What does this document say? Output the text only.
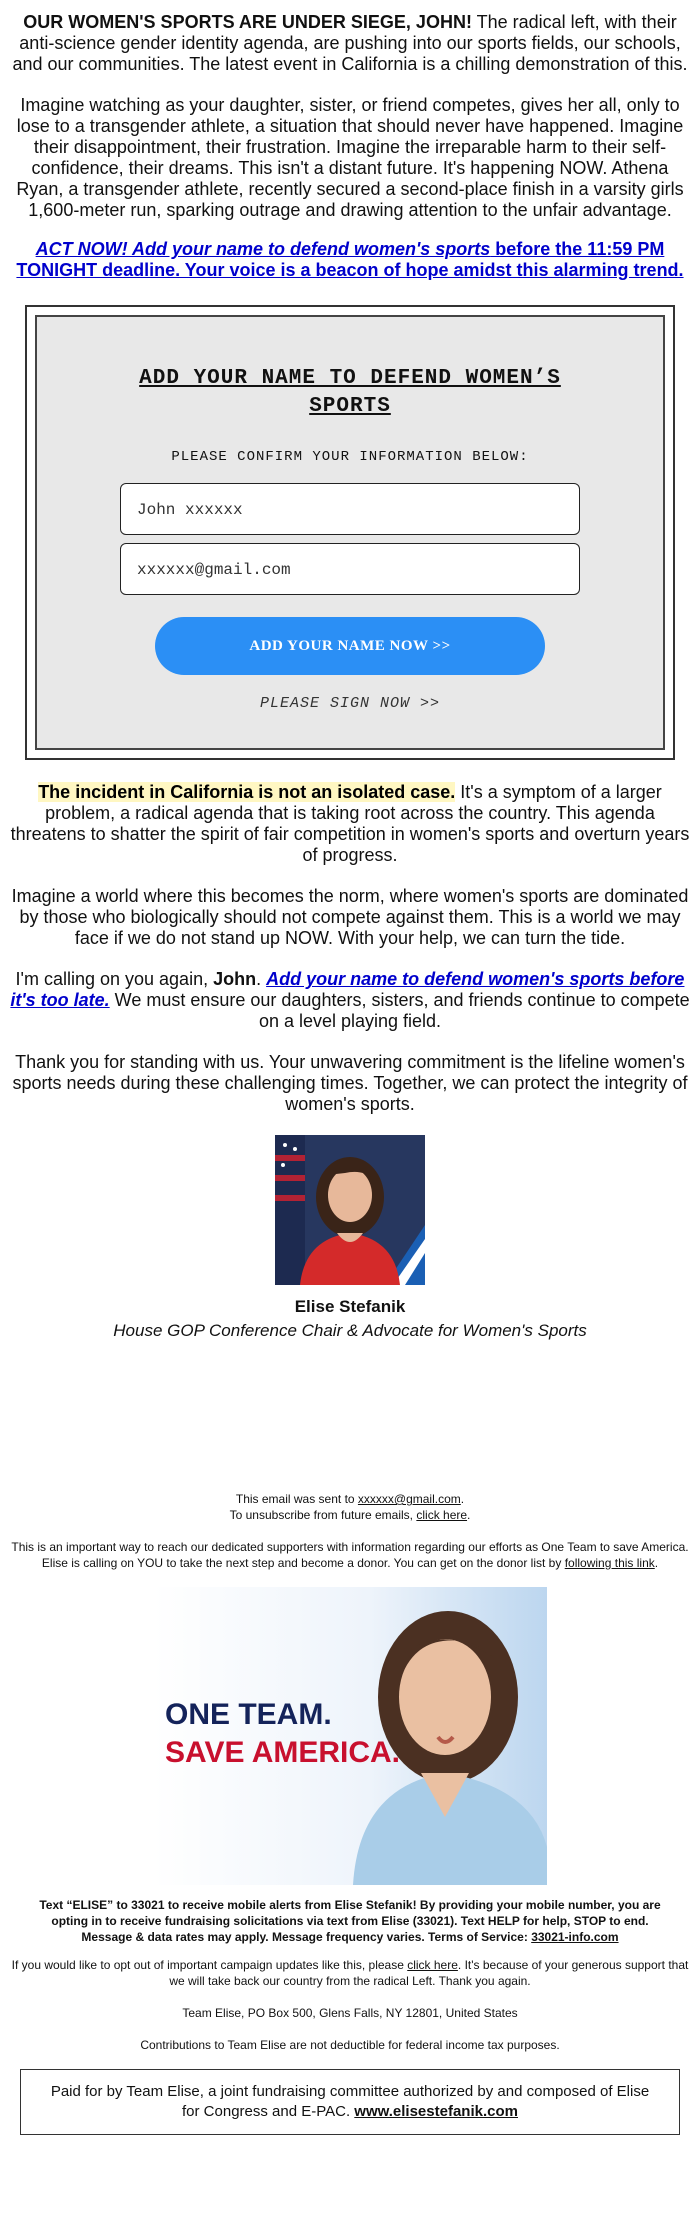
OUR WOMEN'S SPORTS ARE UNDER SIEGE, JOHN! The radical left, with their anti-science gender identity agenda, are pushing into our sports fields, our schools, and our communities. The latest event in California is a chilling demonstration of this.

Imagine watching as your daughter, sister, or friend competes, gives her all, only to lose to a transgender athlete, a situation that should never have happened. Imagine their disappointment, their frustration. Imagine the irreparable harm to their self-confidence, their dreams. This isn't a distant future. It's happening NOW. Athena Ryan, a transgender athlete, recently secured a second-place finish in a varsity girls 1,600-meter run, sparking outrage and drawing attention to the unfair advantage.

ACT NOW! Add your name to defend women's sports before the 11:59 PM TONIGHT deadline. Your voice is a beacon of hope amidst this alarming trend.

ADD YOUR NAME TO DEFEND WOMEN’S SPORTS
PLEASE CONFIRM YOUR INFORMATION BELOW:
John xxxxxx
xxxxxx@gmail.com
ADD YOUR NAME NOW >>
PLEASE SIGN NOW >>

The incident in California is not an isolated case. It's a symptom of a larger problem, a radical agenda that is taking root across the country. This agenda threatens to shatter the spirit of fair competition in women's sports and overturn years of progress.

Imagine a world where this becomes the norm, where women's sports are dominated by those who biologically should not compete against them. This is a world we may face if we do not stand up NOW. With your help, we can turn the tide.

I'm calling on you again, John. Add your name to defend women's sports before it's too late. We must ensure our daughters, sisters, and friends continue to compete on a level playing field.

Thank you for standing with us. Your unwavering commitment is the lifeline women's sports needs during these challenging times. Together, we can protect the integrity of women's sports.

Elise Stefanik
House GOP Conference Chair & Advocate for Women's Sports

This email was sent to xxxxxx@gmail.com.
To unsubscribe from future emails, click here.

This is an important way to reach our dedicated supporters with information regarding our efforts as One Team to save America. Elise is calling on YOU to take the next step and become a donor. You can get on the donor list by following this link.

ONE TEAM.
SAVE AMERICA.
Text “ELISE” to 33021 to receive mobile alerts from Elise Stefanik! By providing your mobile number, you are opting in to receive fundraising solicitations via text from Elise (33021). Text HELP for help, STOP to end. Message & data rates may apply. Message frequency varies. Terms of Service: 33021-info.com

If you would like to opt out of important campaign updates like this, please click here. It's because of your generous support that we will take back our country from the radical Left. Thank you again.

Team Elise, PO Box 500, Glens Falls, NY 12801, United States

Contributions to Team Elise are not deductible for federal income tax purposes.

Paid for by Team Elise, a joint fundraising committee authorized by and composed of Elise for Congress and E-PAC. www.elisestefanik.com
